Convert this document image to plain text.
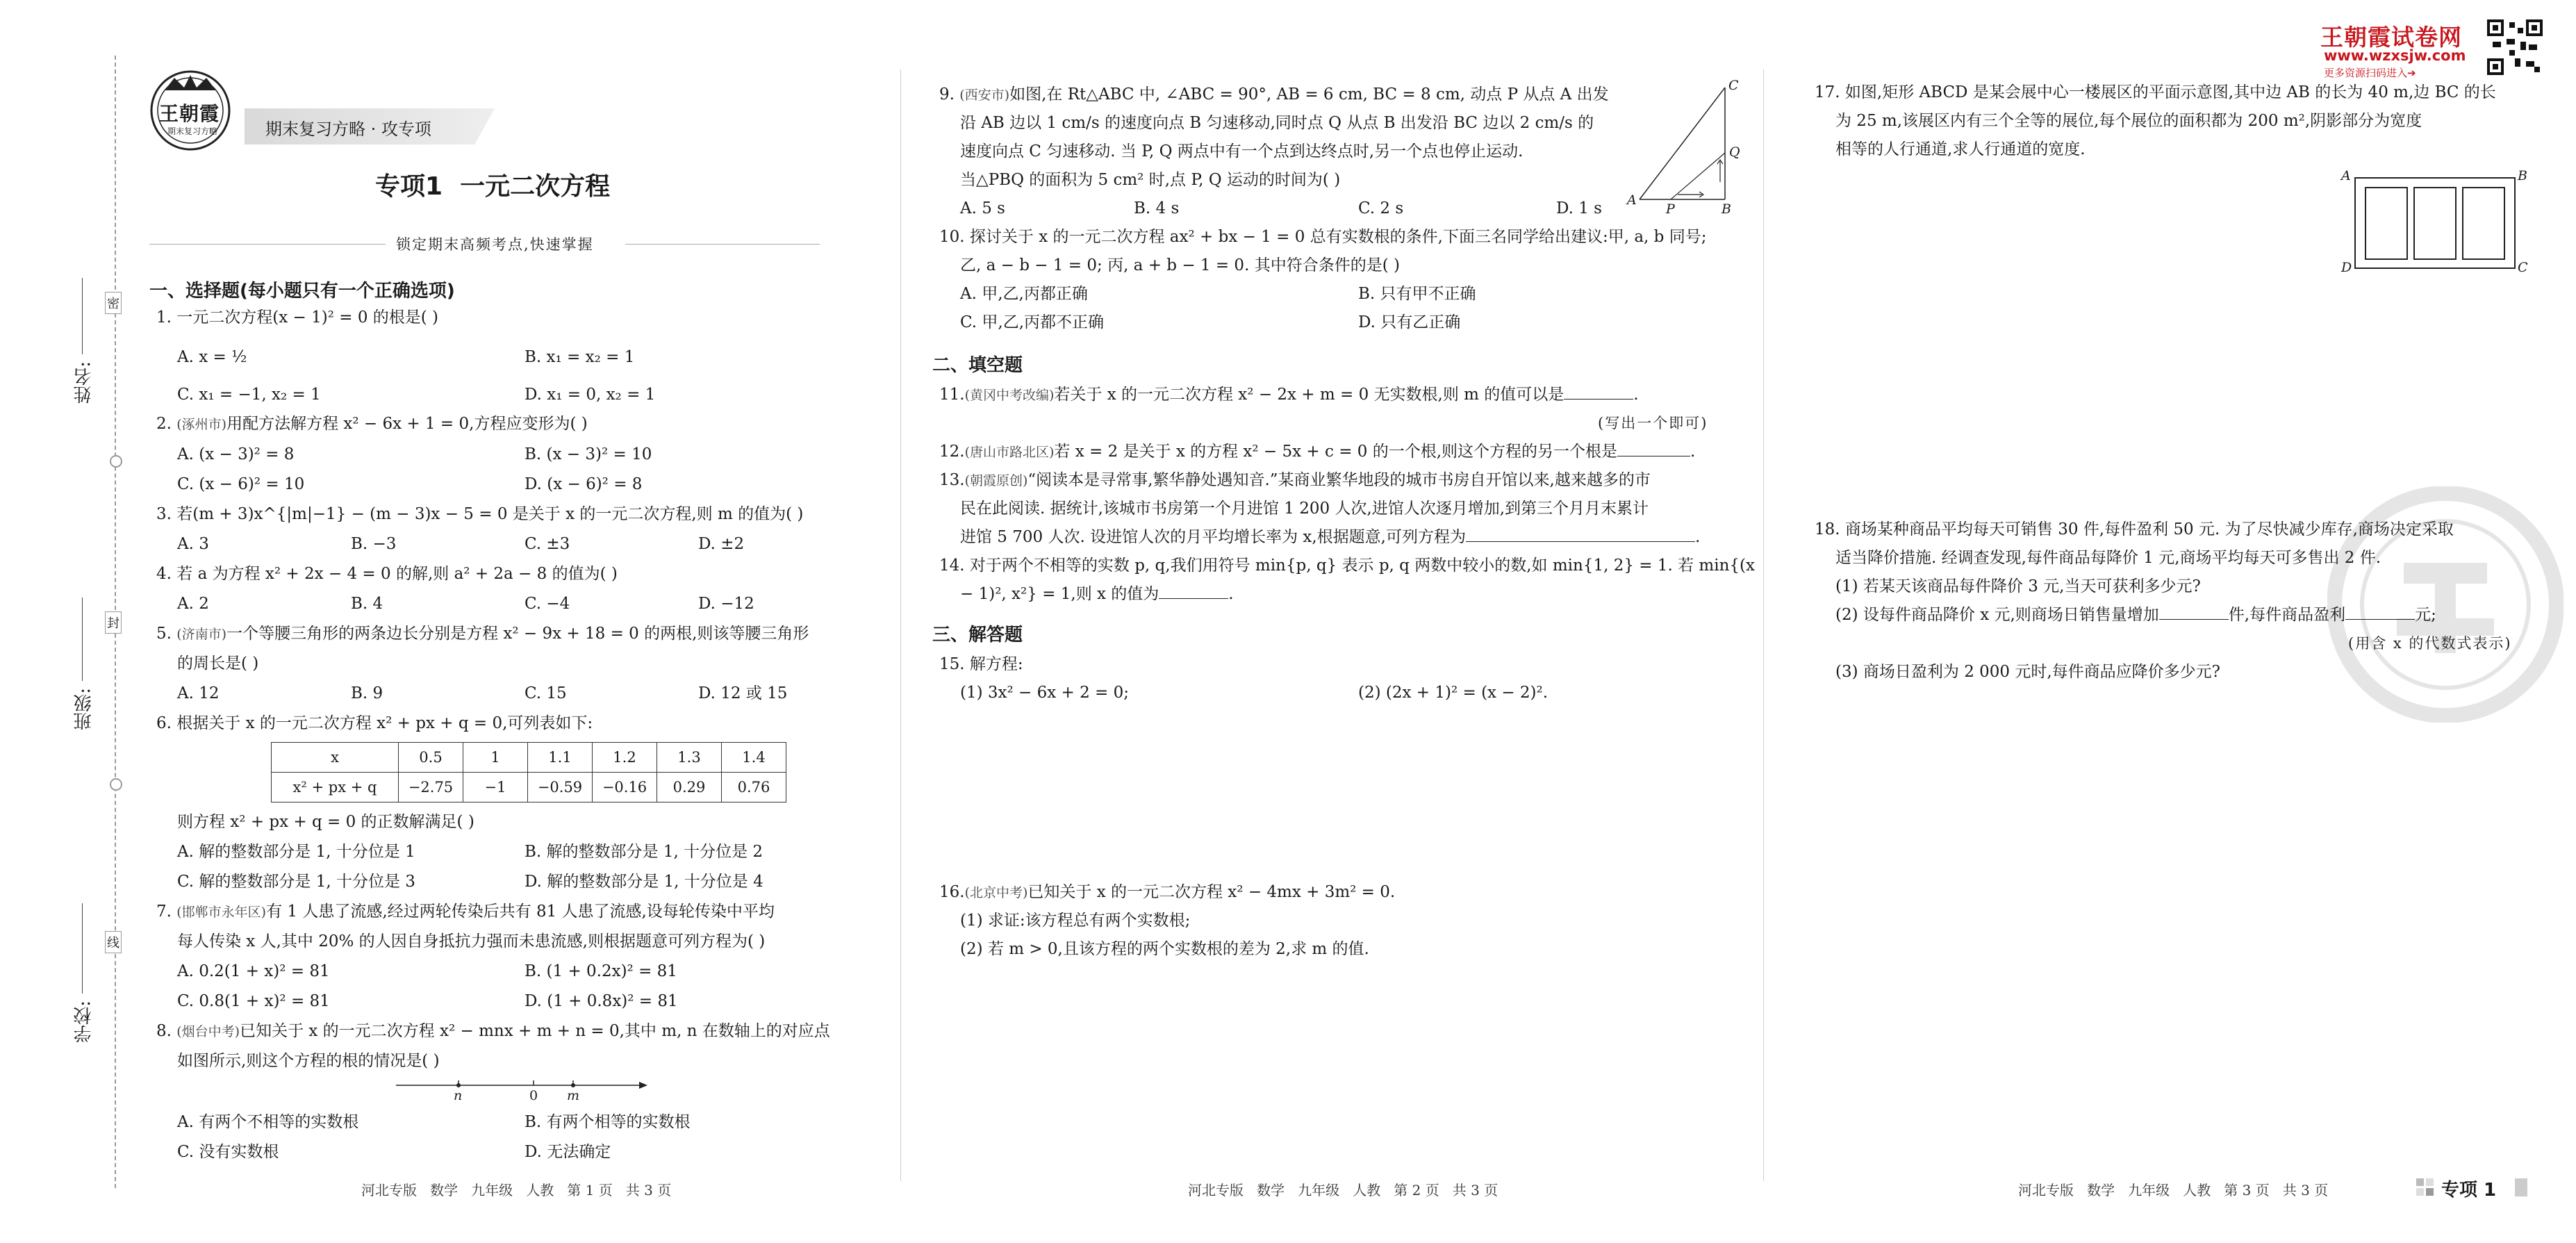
姓名:
班级:
学校:
密
封
线
王朝霞
期末复习方略	期末复习方略 · 攻专项
专项1  一元二次方程
锁定期末高频考点,快速掌握
一、选择题(每小题只有一个正确选项)
1. 一元二次方程(x − 1)² = 0 的根是( )
A. x = ½	B. x₁ = x₂ = 1
C. x₁ = −1, x₂ = 1	D. x₁ = 0, x₂ = 1
2. (涿州市)用配方法解方程 x² − 6x + 1 = 0,方程应变形为( )
A. (x − 3)² = 8	B. (x − 3)² = 10
C. (x − 6)² = 10	D. (x − 6)² = 8
3. 若(m + 3)x^{|m|−1} − (m − 3)x − 5 = 0 是关于 x 的一元二次方程,则 m 的值为( )
A. 3	B. −3	C. ±3	D. ±2
4. 若 a 为方程 x² + 2x − 4 = 0 的解,则 a² + 2a − 8 的值为( )
A. 2	B. 4	C. −4	D. −12
5. (济南市)一个等腰三角形的两条边长分别是方程 x² − 9x + 18 = 0 的两根,则该等腰三角形
的周长是( )
A. 12	B. 9	C. 15	D. 12 或 15
6. 根据关于 x 的一元二次方程 x² + px + q = 0,可列表如下:
x	0.5	1	1.1	1.2	1.3	1.4
x² + px + q	−2.75	−1	−0.59	−0.16	0.29	0.76
则方程 x² + px + q = 0 的正数解满足( )
A. 解的整数部分是 1, 十分位是 1	B. 解的整数部分是 1, 十分位是 2
C. 解的整数部分是 1, 十分位是 3	D. 解的整数部分是 1, 十分位是 4
7. (邯郸市永年区)有 1 人患了流感,经过两轮传染后共有 81 人患了流感,设每轮传染中平均
每人传染 x 人,其中 20% 的人因自身抵抗力强而未患流感,则根据题意可列方程为( )
A. 0.2(1 + x)² = 81	B. (1 + 0.2x)² = 81
C. 0.8(1 + x)² = 81	D. (1 + 0.8x)² = 81
8. (烟台中考)已知关于 x 的一元二次方程 x² − mnx + m + n = 0,其中 m, n 在数轴上的对应点
如图所示,则这个方程的根的情况是( )
n	0 m
A. 有两个不相等的实数根	B. 有两个相等的实数根
C. 没有实数根	D. 无法确定
河北专版   数学   九年级   人教   第 1 页   共 3 页
9. (西安市)如图,在 Rt△ABC 中, ∠ABC = 90°, AB = 6 cm, BC = 8 cm, 动点 P 从点 A 出发
沿 AB 边以 1 cm/s 的速度向点 B 匀速移动,同时点 Q 从点 B 出发沿 BC 边以 2 cm/s 的
速度向点 C 匀速移动. 当 P, Q 两点中有一个点到达终点时,另一个点也停止运动.
当△PBQ 的面积为 5 cm² 时,点 P, Q 运动的时间为( )
A. 5 s	B. 4 s	C. 2 s	D. 1 s
C
Q
A
P	B
10. 探讨关于 x 的一元二次方程 ax² + bx − 1 = 0 总有实数根的条件,下面三名同学给出建议:甲, a, b 同号;
乙, a − b − 1 = 0; 丙, a + b − 1 = 0. 其中符合条件的是( )
A. 甲,乙,丙都正确	B. 只有甲不正确
C. 甲,乙,丙都不正确	D. 只有乙正确
二、填空题
11.(黄冈中考改编)若关于 x 的一元二次方程 x² − 2x + m = 0 无实数根,则 m 的值可以是	.
(写出一个即可)
12.(唐山市路北区)若 x = 2 是关于 x 的方程 x² − 5x + c = 0 的一个根,则这个方程的另一个根是	.
13.(朝霞原创)“阅读本是寻常事,繁华静处遇知音.”某商业繁华地段的城市书房自开馆以来,越来越多的市
民在此阅读. 据统计,该城市书房第一个月进馆 1 200 人次,进馆人次逐月增加,到第三个月月末累计
进馆 5 700 人次. 设进馆人次的月平均增长率为 x,根据题意,可列方程为	.
14. 对于两个不相等的实数 p, q,我们用符号 min{p, q} 表示 p, q 两数中较小的数,如 min{1, 2} = 1. 若 min{(x
− 1)², x²} = 1,则 x 的值为	.
三、解答题
15. 解方程:
(1) 3x² − 6x + 2 = 0;	(2) (2x + 1)² = (x − 2)².
16.(北京中考)已知关于 x 的一元二次方程 x² − 4mx + 3m² = 0.
(1) 求证:该方程总有两个实数根;
(2) 若 m > 0,且该方程的两个实数根的差为 2,求 m 的值.
河北专版   数学   九年级   人教   第 2 页   共 3 页
王朝霞试卷网
www.wzxsjw.com
更多资源扫码进入➔
17. 如图,矩形 ABCD 是某会展中心一楼展区的平面示意图,其中边 AB 的长为 40 m,边 BC 的长
为 25 m,该展区内有三个全等的展位,每个展位的面积都为 200 m²,阴影部分为宽度
相等的人行通道,求人行通道的宽度.
A	B
D	C
18. 商场某种商品平均每天可销售 30 件,每件盈利 50 元. 为了尽快减少库存,商场决定采取
适当降价措施. 经调查发现,每件商品每降价 1 元,商场平均每天可多售出 2 件.
(1) 若某天该商品每件降价 3 元,当天可获利多少元?
(2) 设每件商品降价 x 元,则商场日销售量增加	件,每件商品盈利	元;
(用含 x 的代数式表示)
(3) 商场日盈利为 2 000 元时,每件商品应降价多少元?
河北专版   数学   九年级   人教   第 3 页   共 3 页	专项 1
